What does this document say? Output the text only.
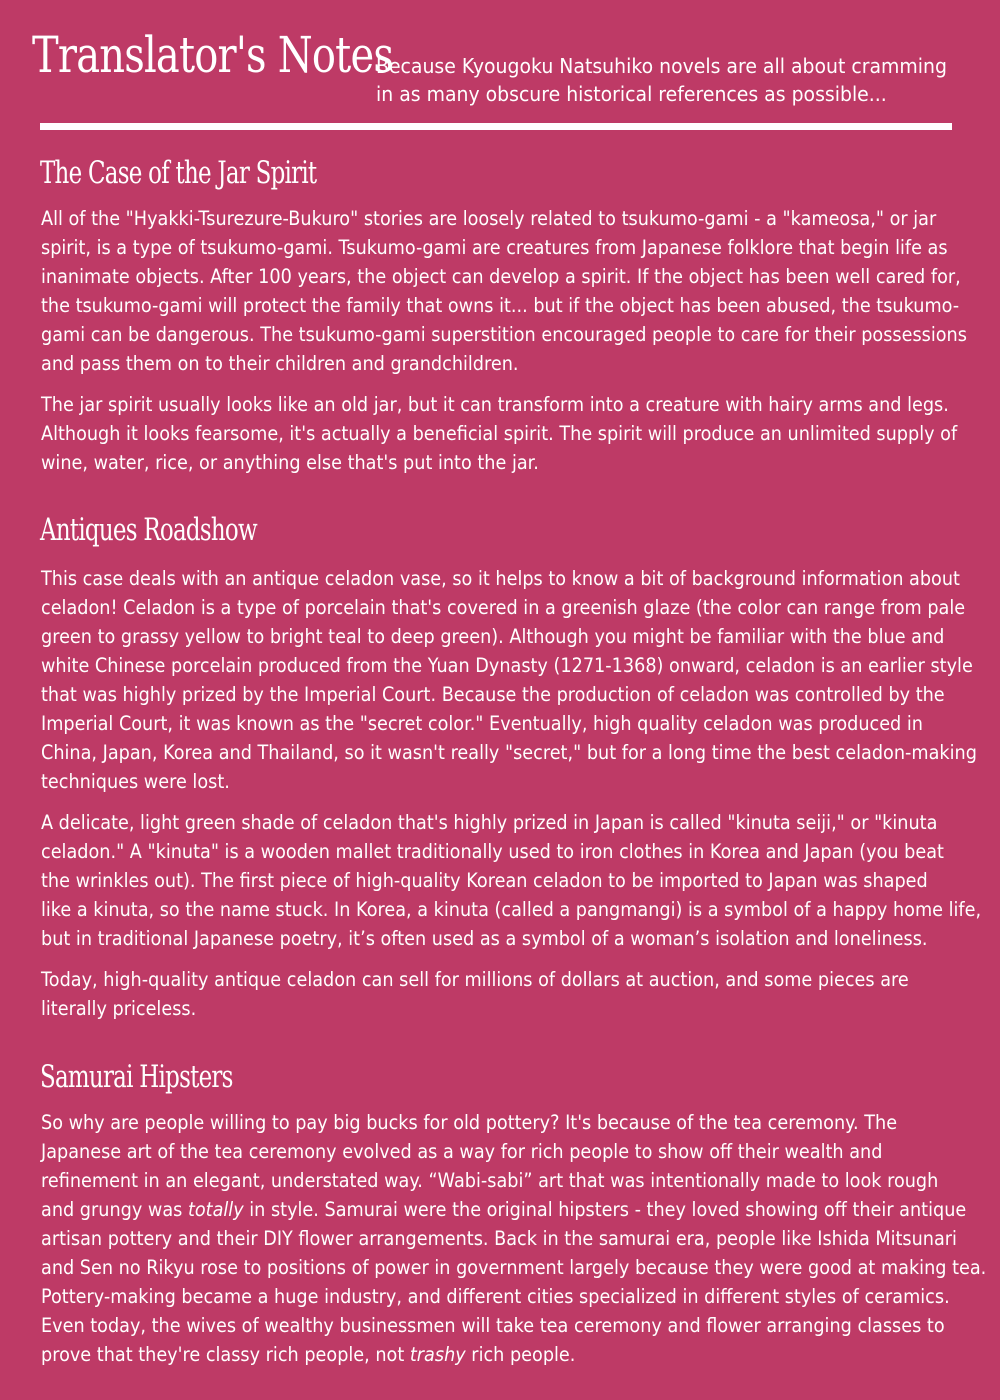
Translator's Notes
Because Kyougoku Natsuhiko novels are all about cramming
in as many obscure historical references as possible...
The Case of the Jar Spirit
All of the "Hyakki-Tsurezure-Bukuro" stories are loosely related to tsukumo-gami - a "kameosa," or jar
spirit, is a type of tsukumo-gami. Tsukumo-gami are creatures from Japanese folklore that begin life as
inanimate objects. After 100 years, the object can develop a spirit. If the object has been well cared for,
the tsukumo-gami will protect the family that owns it... but if the object has been abused, the tsukumo-
gami can be dangerous. The tsukumo-gami superstition encouraged people to care for their possessions
and pass them on to their children and grandchildren.
The jar spirit usually looks like an old jar, but it can transform into a creature with hairy arms and legs.
Although it looks fearsome, it's actually a beneficial spirit. The spirit will produce an unlimited supply of
wine, water, rice, or anything else that's put into the jar.
Antiques Roadshow
This case deals with an antique celadon vase, so it helps to know a bit of background information about
celadon! Celadon is a type of porcelain that's covered in a greenish glaze (the color can range from pale
green to grassy yellow to bright teal to deep green). Although you might be familiar with the blue and
white Chinese porcelain produced from the Yuan Dynasty (1271-1368) onward, celadon is an earlier style
that was highly prized by the Imperial Court. Because the production of celadon was controlled by the
Imperial Court, it was known as the "secret color." Eventually, high quality celadon was produced in
China, Japan, Korea and Thailand, so it wasn't really "secret," but for a long time the best celadon-making
techniques were lost.
A delicate, light green shade of celadon that's highly prized in Japan is called "kinuta seiji," or "kinuta
celadon." A "kinuta" is a wooden mallet traditionally used to iron clothes in Korea and Japan (you beat
the wrinkles out). The first piece of high-quality Korean celadon to be imported to Japan was shaped
like a kinuta, so the name stuck. In Korea, a kinuta (called a pangmangi) is a symbol of a happy home life,
but in traditional Japanese poetry, it’s often used as a symbol of a woman’s isolation and loneliness.
Today, high-quality antique celadon can sell for millions of dollars at auction, and some pieces are
literally priceless.
Samurai Hipsters
So why are people willing to pay big bucks for old pottery? It's because of the tea ceremony. The
Japanese art of the tea ceremony evolved as a way for rich people to show off their wealth and
refinement in an elegant, understated way. “Wabi-sabi” art that was intentionally made to look rough
and grungy was totally in style. Samurai were the original hipsters - they loved showing off their antique
artisan pottery and their DIY flower arrangements. Back in the samurai era, people like Ishida Mitsunari
and Sen no Rikyu rose to positions of power in government largely because they were good at making tea.
Pottery-making became a huge industry, and different cities specialized in different styles of ceramics.
Even today, the wives of wealthy businessmen will take tea ceremony and flower arranging classes to
prove that they're classy rich people, not trashy rich people.
